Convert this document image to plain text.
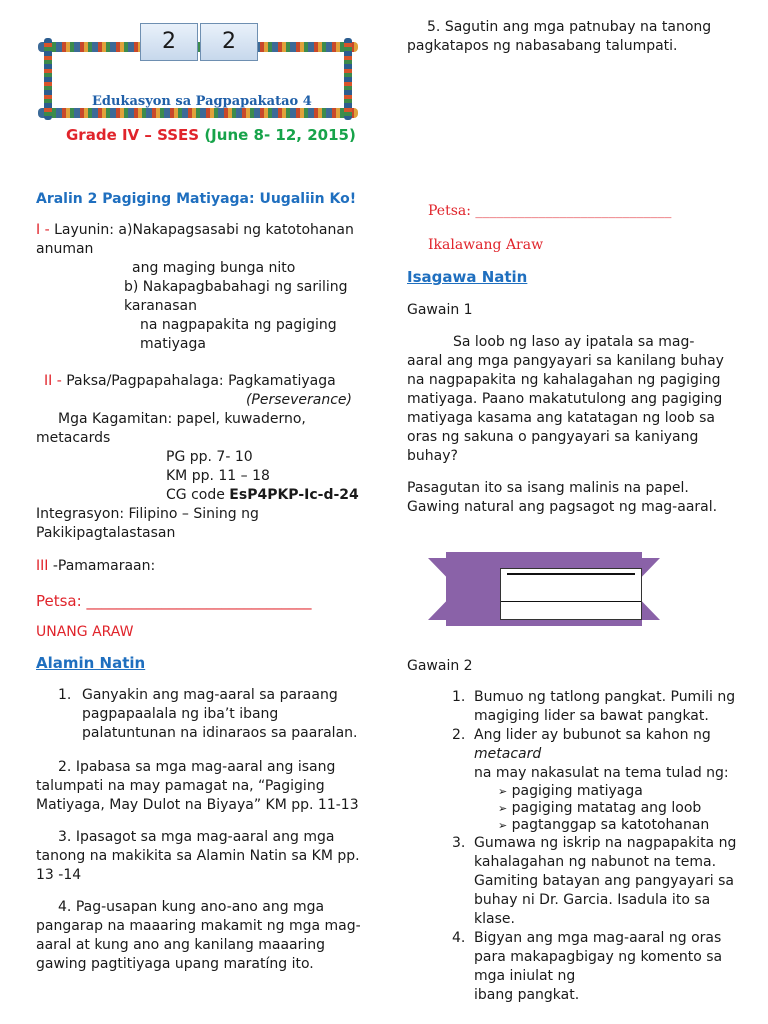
2	2
Edukasyon sa Pagpapakatao 4
Grade IV – SSES (June 8- 12, 2015)
Aralin 2 Pagiging Matiyaga: Uugaliin Ko!
I - Layunin: a)Nakapagsasabi ng katotohanan anuman
ang maging bunga nito
b) Nakapagbabahagi ng sariling karanasan
na nagpapakita ng pagiging matiyaga
II - Paksa/Pagpapahalaga: Pagkamatiyaga
(Perseverance)
Mga Kagamitan: papel, kuwaderno, metacards
PG pp. 7- 10
KM pp. 11 – 18
CG code EsP4PKP-Ic-d-24
Integrasyon: Filipino – Sining ng Pakikipagtalastasan
III -Pamamaraan:
Petsa: ______________________________
UNANG ARAW
Alamin Natin
1. Ganyakin ang mag-aaral sa paraang pagpapaalala ng iba’t ibang palatuntunan na idinaraos sa paaralan.
2. Ipabasa sa mga mag-aaral ang isang talumpati na may pamagat na, “Pagiging Matiyaga, May Dulot na Biyaya” KM pp. 11-13
3. Ipasagot sa mga mag-aaral ang mga tanong na makikita sa Alamin Natin sa KM pp. 13 -14
4. Pag-usapan kung ano-ano ang mga pangarap na maaaring makamit ng mga mag-aaral at kung ano ang kanilang maaaring gawing pagtitiyaga upang maratíng ito.
5. Sagutin ang mga patnubay na tanong pagkatapos ng nabasabang talumpati.
Petsa: ____________________________
Ikalawang Araw
Isagawa Natin
Gawain 1
Sa loob ng laso ay ipatala sa mag-aaral ang mga pangyayari sa kanilang buhay na nagpapakita ng kahalagahan ng pagiging matiyaga. Paano makatutulong ang pagiging matiyaga kasama ang katatagan ng loob sa oras ng sakuna o pangyayari sa kaniyang buhay?
Pasagutan ito sa isang malinis na papel. Gawing natural ang pagsagot ng mag-aaral.
Gawain 2
1. Bumuo ng tatlong pangkat. Pumili ng magiging lider sa bawat pangkat.
2. Ang lider ay bubunot sa kahon ng
metacard
na may nakasulat na tema tulad ng:
➢ pagiging matiyaga
➢ pagiging matatag ang loob
➢ pagtanggap sa katotohanan
3. Gumawa ng iskrip na nagpapakita ng kahalagahan ng nabunot na tema. Gamiting batayan ang pangyayari sa buhay ni Dr. Garcia. Isadula ito sa klase.
4. Bigyan ang mga mag-aaral ng oras para makapagbigay ng komento sa mga iniulat ng
ibang pangkat.
